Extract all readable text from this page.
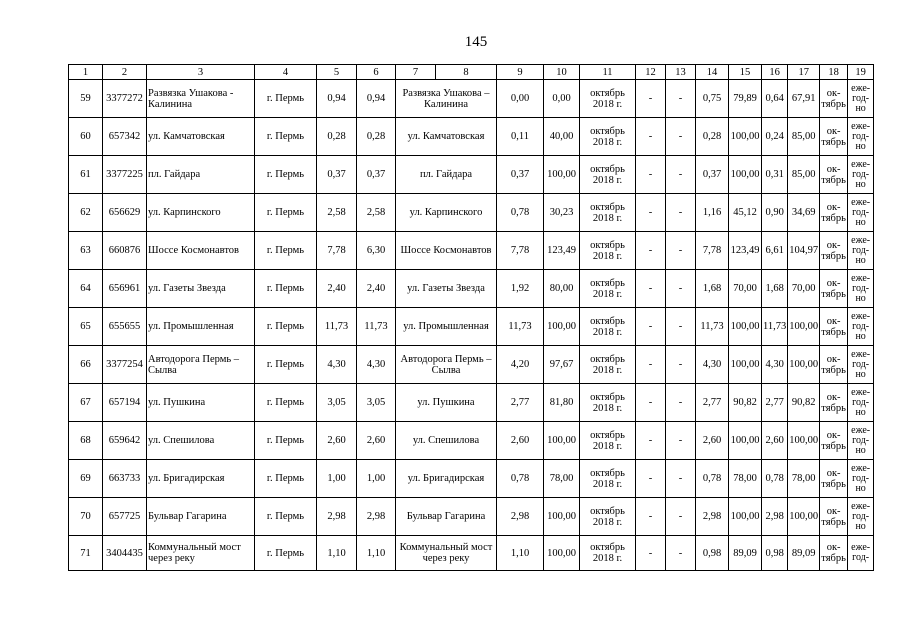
145
1	2	3	4	5	6	7	8	9	10	11	12	13	14	15	16	17	18	19
59	3377272	Развязка Ушакова - Калинина	г. Пермь	0,94	0,94	Развязка Ушакова – Калинина		0,00	0,00	октябрь 2018 г.	-	-	0,75	79,89	0,64	67,91	ок-тябрь	еже-год-но
60	657342	ул. Камчатовская	г. Пермь	0,28	0,28	ул. Камчатовская		0,11	40,00	октябрь 2018 г.	-	-	0,28	100,00	0,24	85,00	ок-тябрь	еже-год-но
61	3377225	пл. Гайдара	г. Пермь	0,37	0,37	пл. Гайдара		0,37	100,00	октябрь 2018 г.	-	-	0,37	100,00	0,31	85,00	ок-тябрь	еже-год-но
62	656629	ул. Карпинского	г. Пермь	2,58	2,58	ул. Карпинского		0,78	30,23	октябрь 2018 г.	-	-	1,16	45,12	0,90	34,69	ок-тябрь	еже-год-но
63	660876	Шоссе Космонавтов	г. Пермь	7,78	6,30	Шоссе Космонавтов		7,78	123,49	октябрь 2018 г.	-	-	7,78	123,49	6,61	104,97	ок-тябрь	еже-год-но
64	656961	ул. Газеты Звезда	г. Пермь	2,40	2,40	ул. Газеты Звезда		1,92	80,00	октябрь 2018 г.	-	-	1,68	70,00	1,68	70,00	ок-тябрь	еже-год-но
65	655655	ул. Промышленная	г. Пермь	11,73	11,73	ул. Промышленная		11,73	100,00	октябрь 2018 г.	-	-	11,73	100,00	11,73	100,00	ок-тябрь	еже-год-но
66	3377254	Автодорога Пермь – Сылва	г. Пермь	4,30	4,30	Автодорога Пермь – Сылва		4,20	97,67	октябрь 2018 г.	-	-	4,30	100,00	4,30	100,00	ок-тябрь	еже-год-но
67	657194	ул. Пушкина	г. Пермь	3,05	3,05	ул. Пушкина		2,77	81,80	октябрь 2018 г.	-	-	2,77	90,82	2,77	90,82	ок-тябрь	еже-год-но
68	659642	ул. Спешилова	г. Пермь	2,60	2,60	ул. Спешилова		2,60	100,00	октябрь 2018 г.	-	-	2,60	100,00	2,60	100,00	ок-тябрь	еже-год-но
69	663733	ул. Бригадирская	г. Пермь	1,00	1,00	ул. Бригадирская		0,78	78,00	октябрь 2018 г.	-	-	0,78	78,00	0,78	78,00	ок-тябрь	еже-год-но
70	657725	Бульвар Гагарина	г. Пермь	2,98	2,98	Бульвар Гагарина		2,98	100,00	октябрь 2018 г.	-	-	2,98	100,00	2,98	100,00	ок-тябрь	еже-год-но
71	3404435	Коммунальный мост через реку	г. Пермь	1,10	1,10	Коммунальный мост через реку		1,10	100,00	октябрь 2018 г.	-	-	0,98	89,09	0,98	89,09	ок-тябрь	еже-год-
